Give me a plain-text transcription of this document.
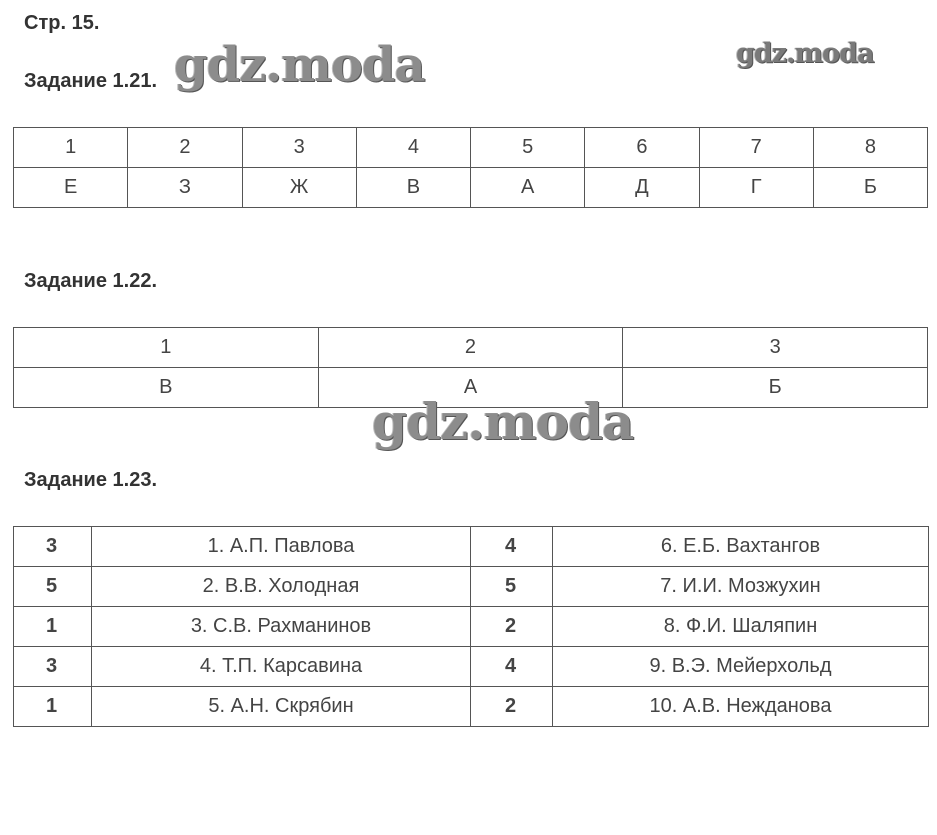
Стр. 15.
Задание 1.21. gdz.moda	gdz.moda
1	2	3	4	5	6	7	8
Е	З	Ж	В	А	Д	Г	Б
Задание 1.22.
1	2	3
В	А	Б
gdz.moda
Задание 1.23.
3	1. А.П. Павлова	4	6. Е.Б. Вахтангов
5	2. В.В. Холодная	5	7. И.И. Мозжухин
1	3. С.В. Рахманинов	2	8. Ф.И. Шаляпин
3	4. Т.П. Карсавина	4	9. В.Э. Мейерхольд
1	5. А.Н. Скрябин	2	10. А.В. Нежданова
